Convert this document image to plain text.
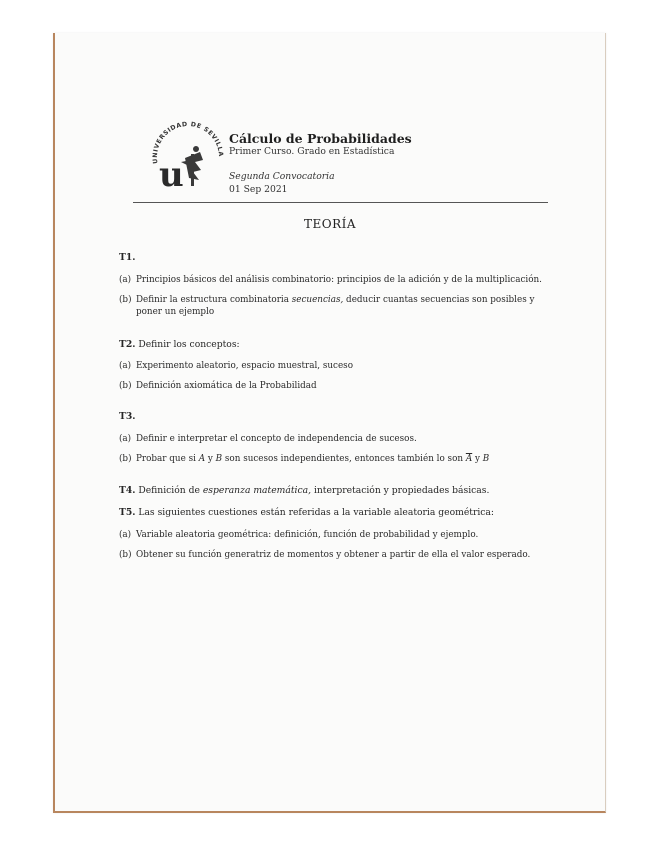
UNIVERSIDAD DE SEVILLA
u
Cálculo de Probabilidades
Primer Curso. Grado en Estadística
Segunda Convocatoria
01 Sep 2021
TEORÍA
T1.
(a) Principios básicos del análisis combinatorio: principios de la adición y de la multiplicación.
(b) Definir la estructura combinatoria secuencias, deducir cuantas secuencias son posibles y poner un ejemplo
T2. Definir los conceptos:
(a) Experimento aleatorio, espacio muestral, suceso
(b) Definición axiomática de la Probabilidad
T3.
(a) Definir e interpretar el concepto de independencia de sucesos.
(b) Probar que si A y B son sucesos independientes, entonces también lo son $\overline{A}$ y B
T4. Definición de esperanza matemática, interpretación y propiedades básicas.
T5. Las siguientes cuestiones están referidas a la variable aleatoria geométrica:
(a) Variable aleatoria geométrica: definición, función de probabilidad y ejemplo.
(b) Obtener su función generatriz de momentos y obtener a partir de ella el valor esperado.
